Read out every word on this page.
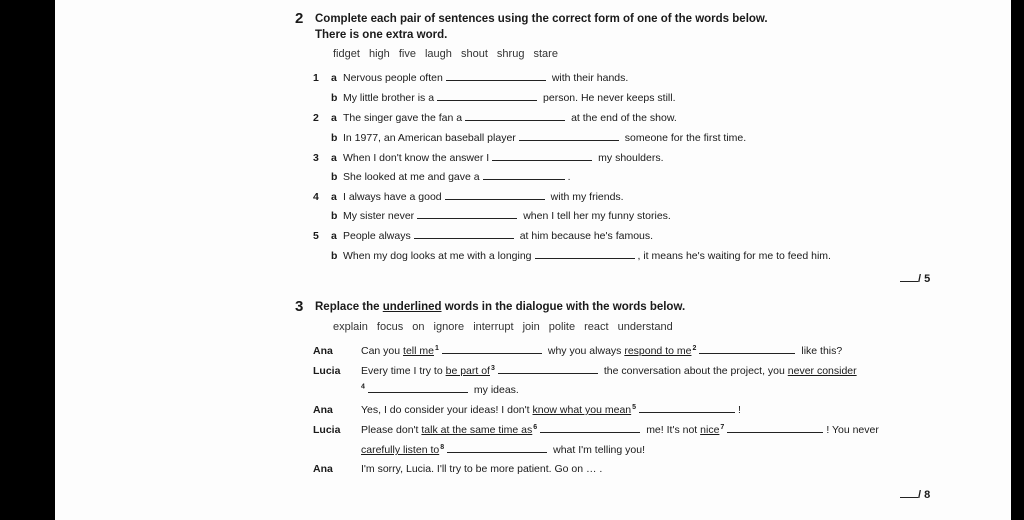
2 Complete each pair of sentences using the correct form of one of the words below.
There is one extra word.
fidget high five laugh shout shrug stare
1 a Nervous people often	with their hands.
b My little brother is a	person. He never keeps still.
2 a The singer gave the fan a	at the end of the show.
b In 1977, an American baseball player	someone for the first time.
3 a When I don't know the answer I	my shoulders.
b She looked at me and gave a	.
4 a I always have a good	with my friends.
b My sister never	when I tell her my funny stories.
5 a People always	at him because he's famous.
b When my dog looks at me with a longing	, it means he's waiting for me to feed him.
/ 5
3 Replace the underlined words in the dialogue with the words below.
explain focus on ignore interrupt join polite react understand
Ana	Can you tell $me^1$	why you always respond to $me^2$	like this?
Lucia Every time I try to be part $of^3$	the conversation about the project, you never consider
$^4$	my ideas.
Ana	Yes, I do consider your ideas! I don't know what you mean$^5$	!
Lucia Please don't talk at the same time $as^6$	me! It's not nice$^7$	! You never
carefully listen $to^8$	what I'm telling you!
Ana	I'm sorry, Lucia. I'll try to be more patient. Go on … .
/ 8
